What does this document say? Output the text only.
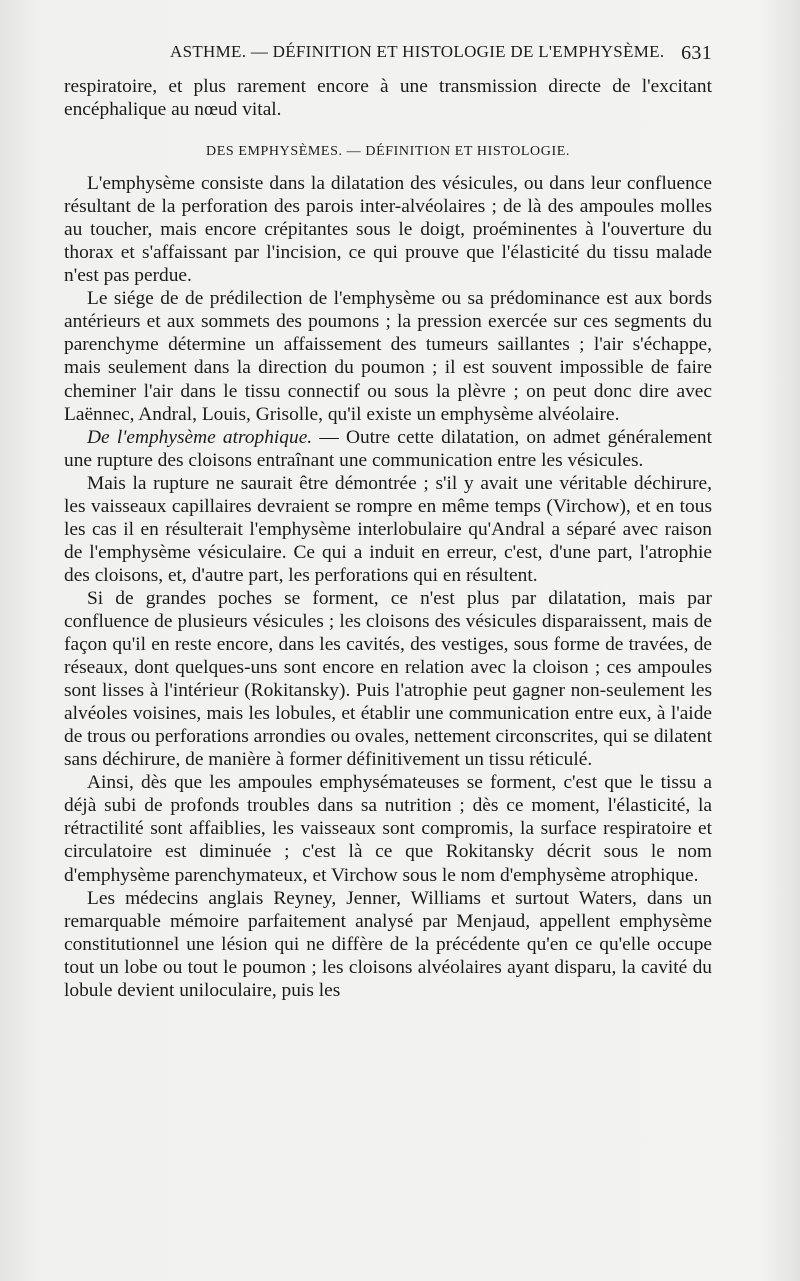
ASTHME. — DÉFINITION ET HISTOLOGIE DE L'EMPHYSÈME. 631

respiratoire, et plus rarement encore à une transmission directe de l'excitant encéphalique au nœud vital.

DES EMPHYSÈMES. — DÉFINITION ET HISTOLOGIE.

L'emphysème consiste dans la dilatation des vésicules, ou dans leur confluence résultant de la perforation des parois inter-alvéolaires ; de là des ampoules molles au toucher, mais encore crépitantes sous le doigt, proéminentes à l'ouverture du thorax et s'affaissant par l'incision, ce qui prouve que l'élasticité du tissu malade n'est pas perdue.

Le siége de de prédilection de l'emphysème ou sa prédominance est aux bords antérieurs et aux sommets des poumons ; la pression exercée sur ces segments du parenchyme détermine un affaissement des tumeurs saillantes ; l'air s'échappe, mais seulement dans la direction du poumon ; il est souvent impossible de faire cheminer l'air dans le tissu connectif ou sous la plèvre ; on peut donc dire avec Laënnec, Andral, Louis, Grisolle, qu'il existe un emphysème alvéolaire.

De l'emphysème atrophique. — Outre cette dilatation, on admet généralement une rupture des cloisons entraînant une communication entre les vésicules.

Mais la rupture ne saurait être démontrée ; s'il y avait une véritable déchirure, les vaisseaux capillaires devraient se rompre en même temps (Virchow), et en tous les cas il en résulterait l'emphysème interlobulaire qu'Andral a séparé avec raison de l'emphysème vésiculaire. Ce qui a induit en erreur, c'est, d'une part, l'atrophie des cloisons, et, d'autre part, les perforations qui en résultent.

Si de grandes poches se forment, ce n'est plus par dilatation, mais par confluence de plusieurs vésicules ; les cloisons des vésicules disparaissent, mais de façon qu'il en reste encore, dans les cavités, des vestiges, sous forme de travées, de réseaux, dont quelques-uns sont encore en relation avec la cloison ; ces ampoules sont lisses à l'intérieur (Rokitansky). Puis l'atrophie peut gagner non-seulement les alvéoles voisines, mais les lobules, et établir une communication entre eux, à l'aide de trous ou perforations arrondies ou ovales, nettement circonscrites, qui se dilatent sans déchirure, de manière à former définitivement un tissu réticulé.

Ainsi, dès que les ampoules emphysémateuses se forment, c'est que le tissu a déjà subi de profonds troubles dans sa nutrition ; dès ce moment, l'élasticité, la rétractilité sont affaiblies, les vaisseaux sont compromis, la surface respiratoire et circulatoire est diminuée ; c'est là ce que Rokitansky décrit sous le nom d'emphysème parenchymateux, et Virchow sous le nom d'emphysème atrophique.

Les médecins anglais Reyney, Jenner, Williams et surtout Waters, dans un remarquable mémoire parfaitement analysé par Menjaud, appellent emphysème constitutionnel une lésion qui ne diffère de la précédente qu'en ce qu'elle occupe tout un lobe ou tout le poumon ; les cloisons alvéolaires ayant disparu, la cavité du lobule devient uniloculaire, puis les
